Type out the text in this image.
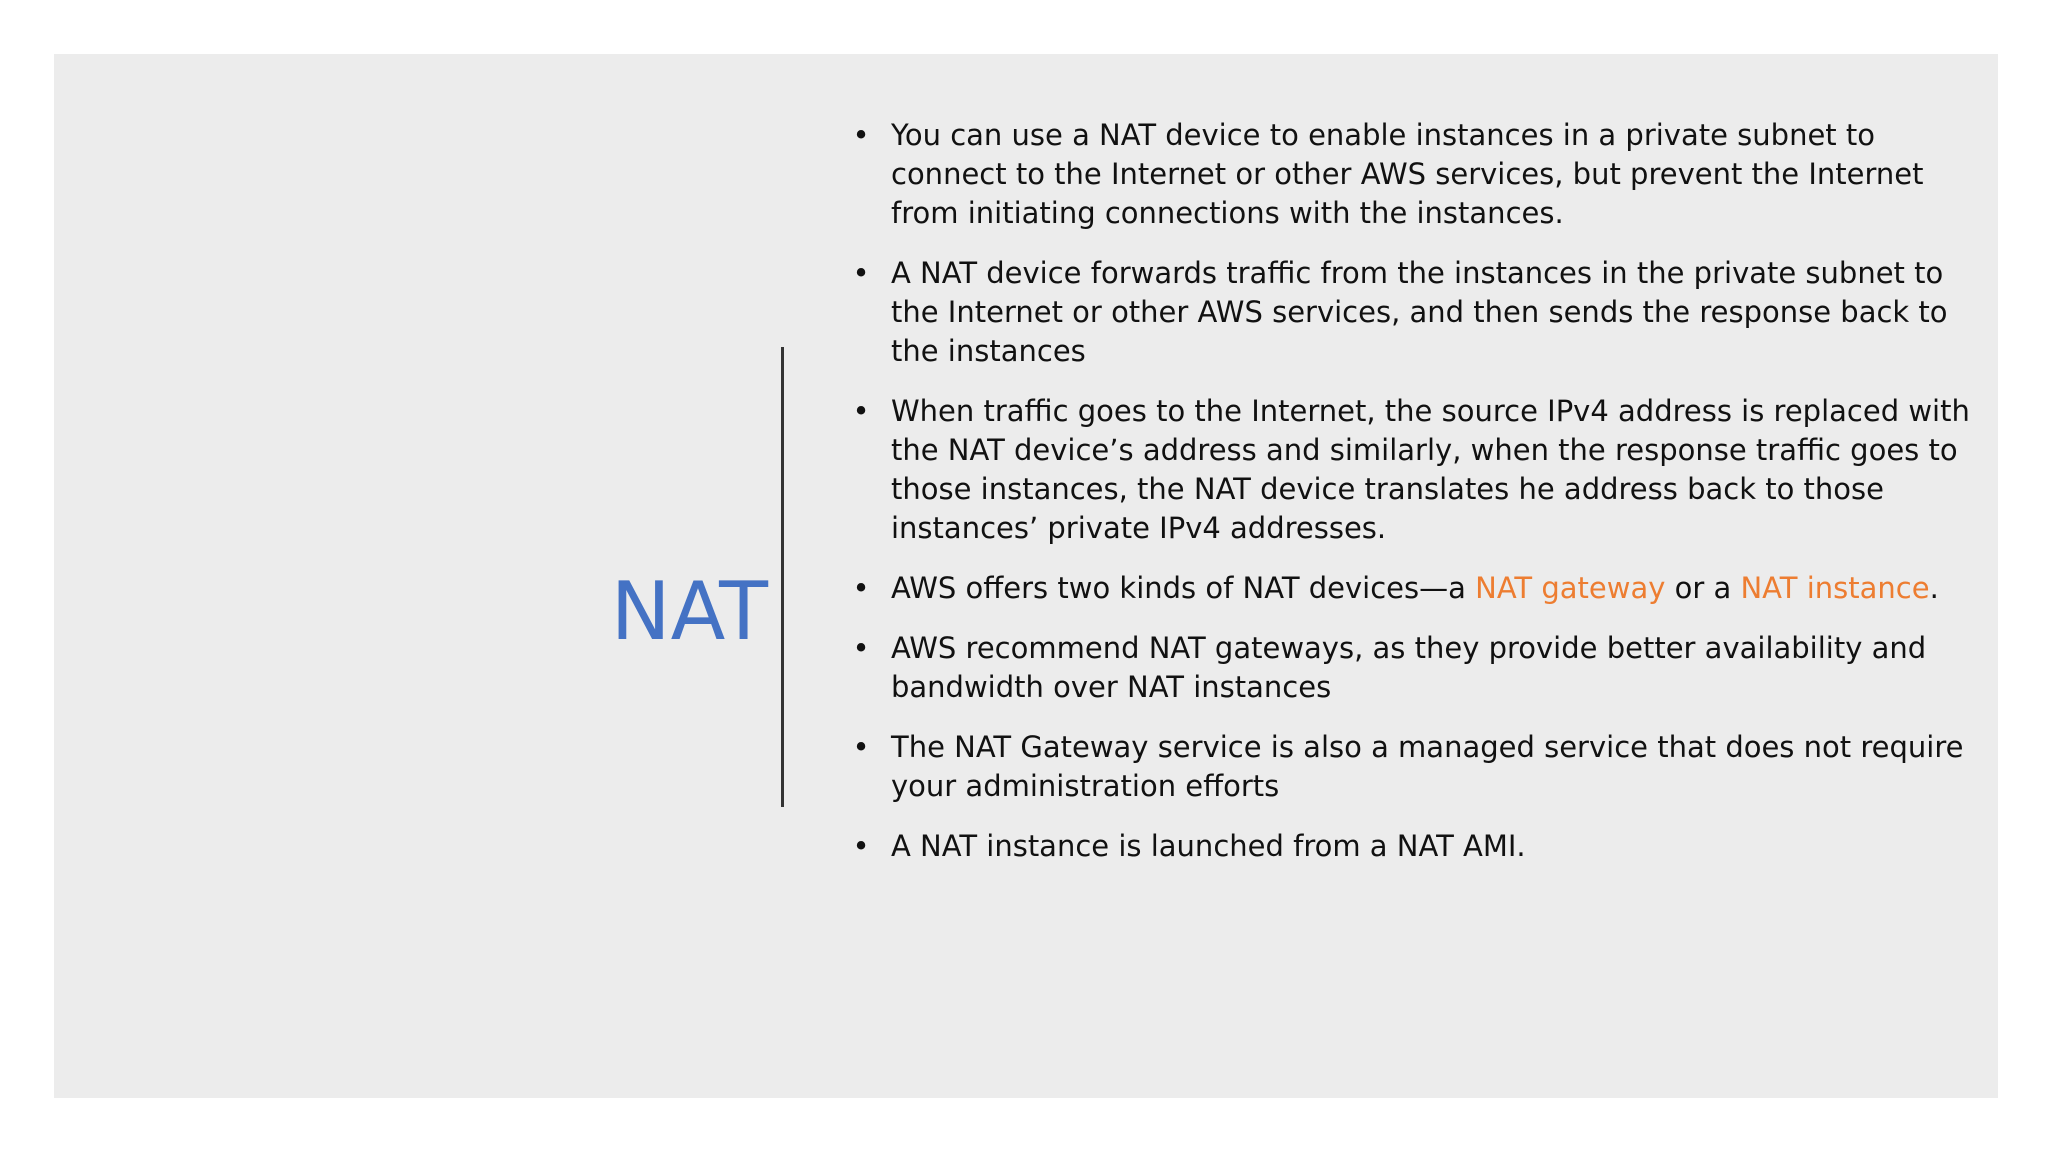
NAT
• You can use a NAT device to enable instances in a private subnet to connect to the Internet or other AWS services, but prevent the Internet from initiating connections with the instances.
• A NAT device forwards traffic from the instances in the private subnet to the Internet or other AWS services, and then sends the response back to the instances
• When traffic goes to the Internet, the source IPv4 address is replaced with the NAT device’s address and similarly, when the response traffic goes to those instances, the NAT device translates he address back to those instances’ private IPv4 addresses.
• AWS offers two kinds of NAT devices—a NAT gateway or a NAT instance.
• AWS recommend NAT gateways, as they provide better availability and bandwidth over NAT instances
• The NAT Gateway service is also a managed service that does not require your administration efforts
• A NAT instance is launched from a NAT AMI.
